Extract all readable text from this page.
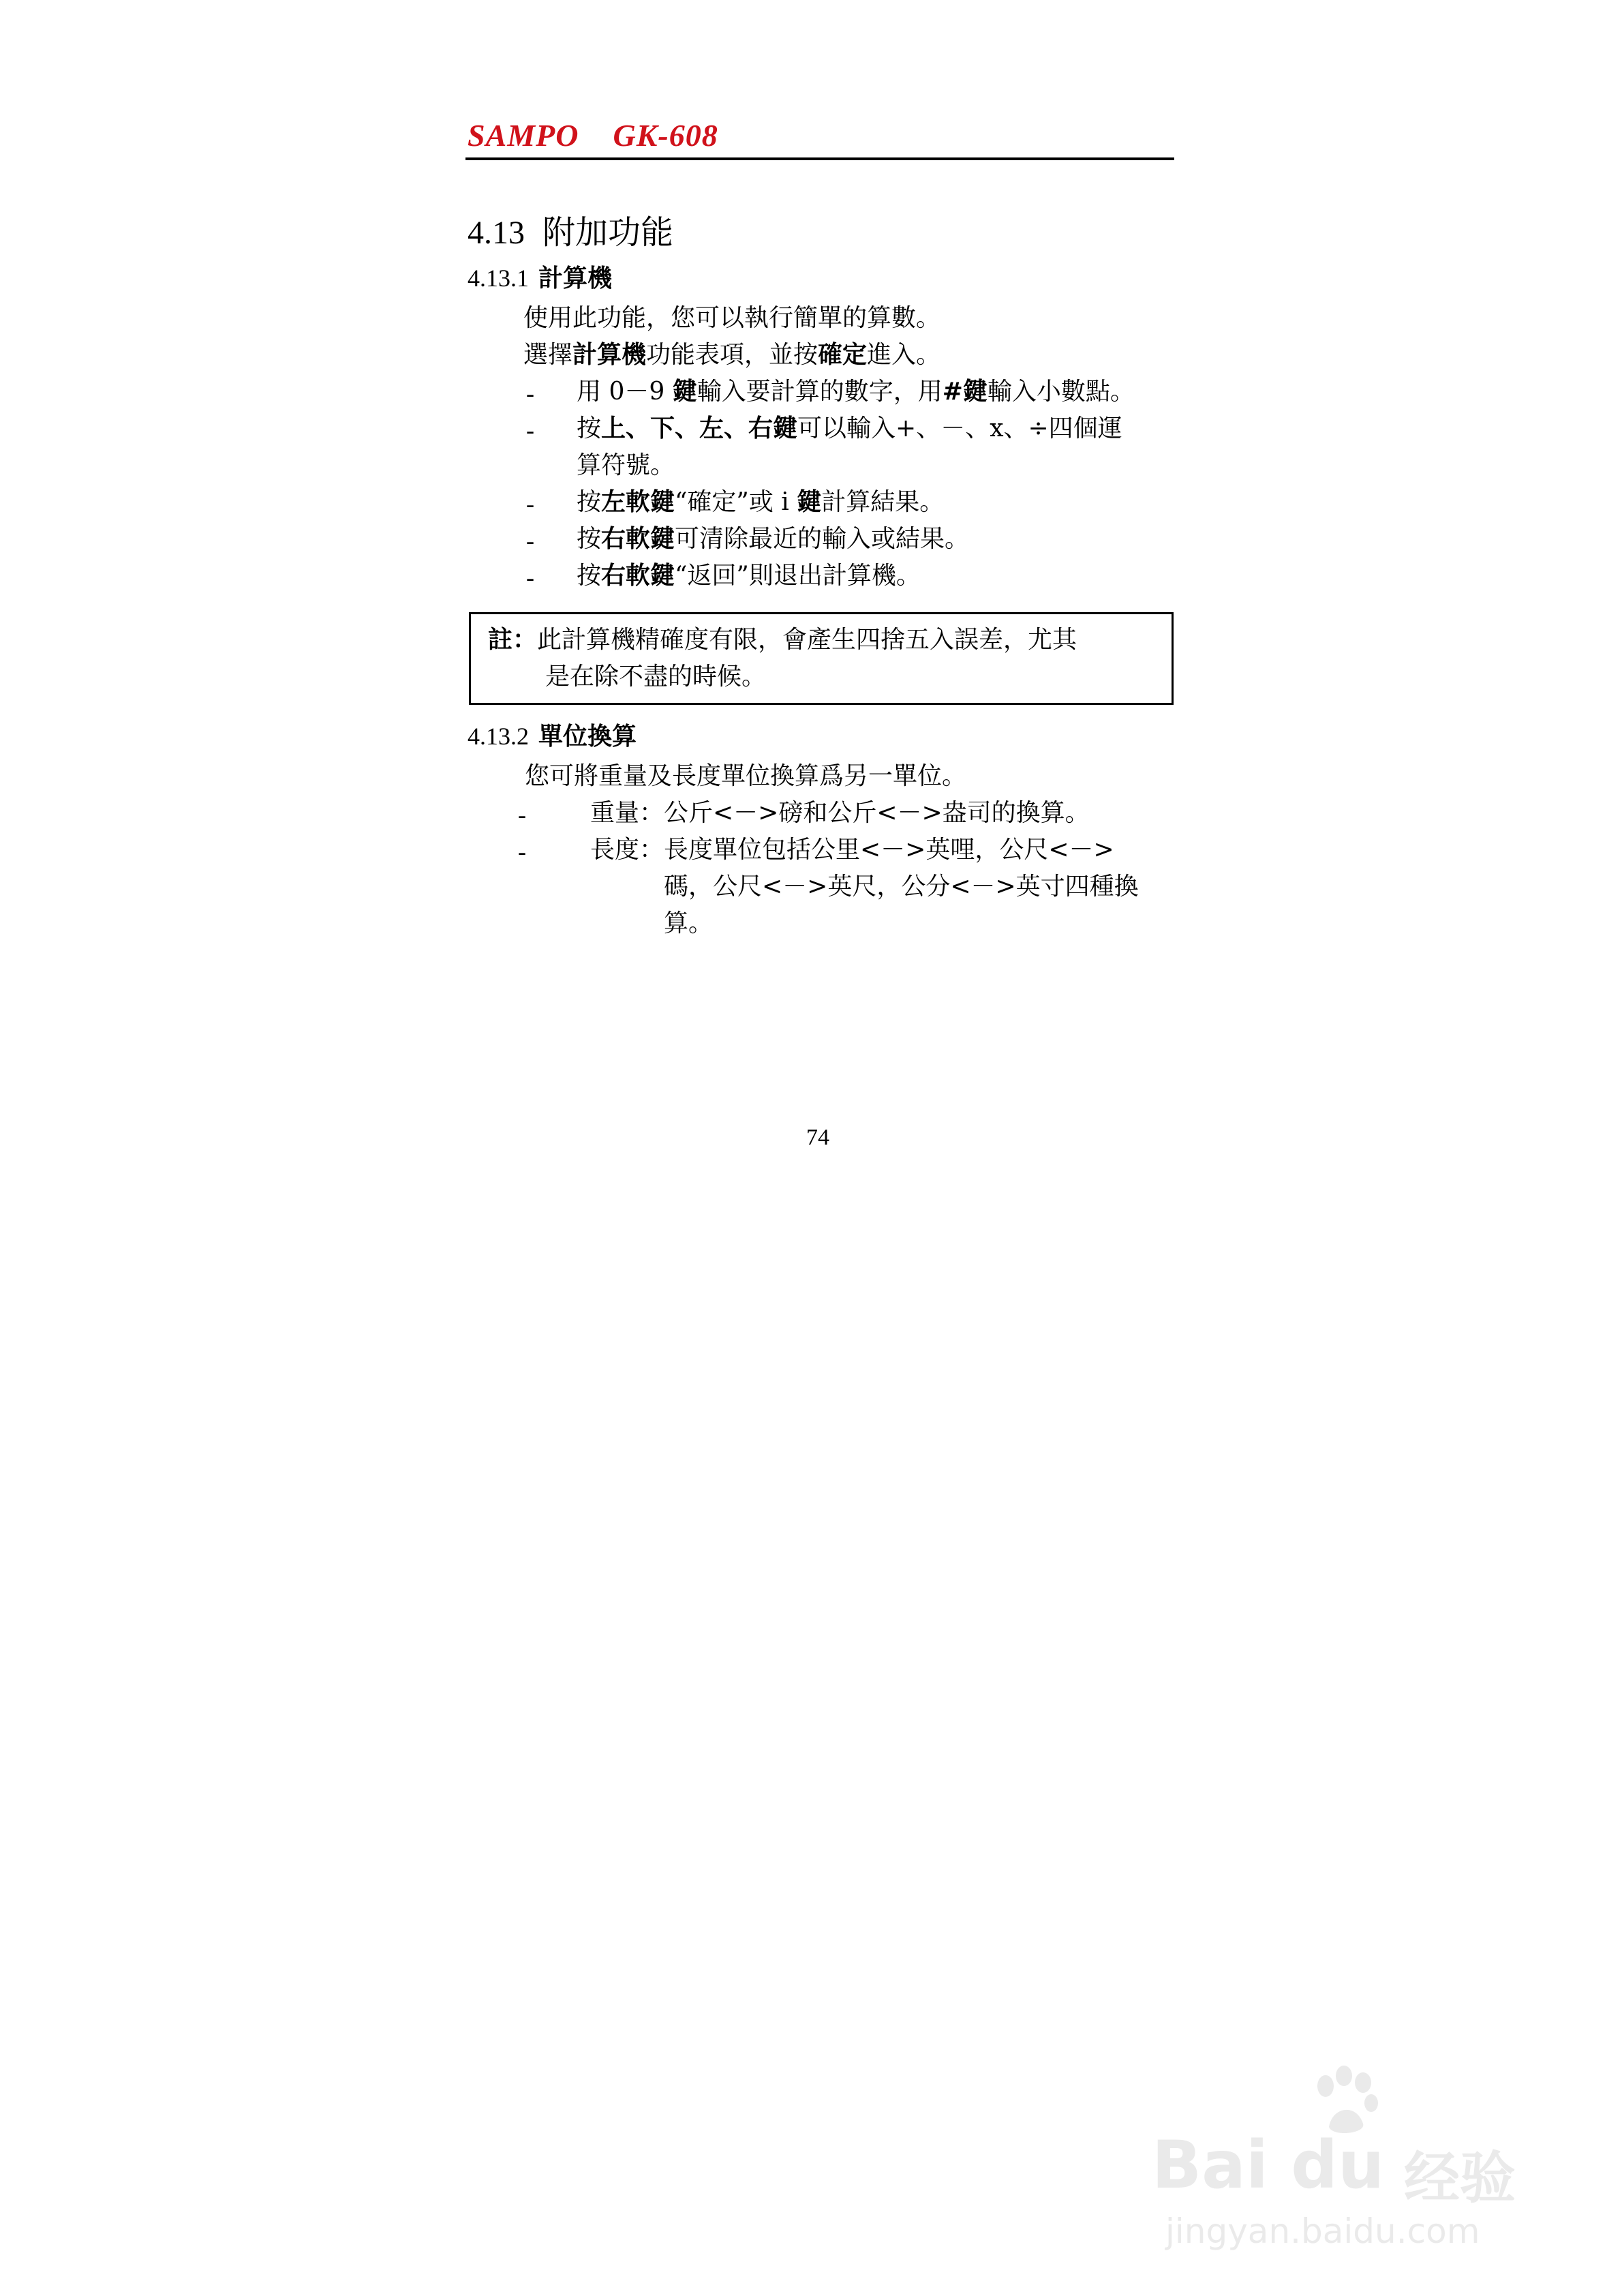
SAMPO GK-608
4.13 附加功能
4.13.1 計算機
使用此功能，您可以執行簡單的算數。
選擇計算機功能表項，並按確定進入。
- 用 0－9 鍵輸入要計算的數字，用#鍵輸入小數點。
- 按上、下、左、右鍵可以輸入+、－、x、÷四個運
算符號。
- 按左軟鍵“確定”或 i 鍵計算結果。
- 按右軟鍵可清除最近的輸入或結果。
- 按右軟鍵“返回”則退出計算機。
註：此計算機精確度有限，會產生四捨五入誤差，尤其
是在除不盡的時候。
4.13.2 單位換算
您可將重量及長度單位換算爲另一單位。
-	重量：公斤<－>磅和公斤<－>盎司的換算。
-	長度：長度單位包括公里<－>英哩，公尺<－>
碼，公尺<－>英尺，公分<－>英寸四種換
算。
74
Bai du 经验
jingyan.baidu.com
